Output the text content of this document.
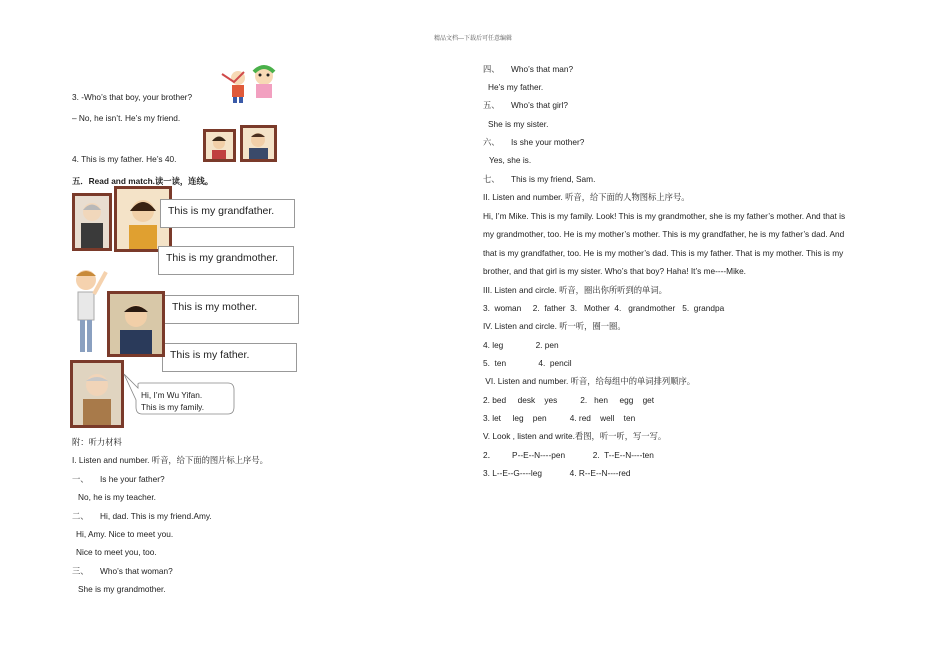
精品文档---下载后可任意编辑
3. -Who’s that boy, your brother?
– No, he isn’t. He’s my friend.
4. This is my father. He’s 40.
五．Read and match.读一读，连线。
This is my grandfather.
This is my grandmother.
This is my mother.
This is my father.
Hi, I’m Wu Yifan.
This is my family.
附：听力材料
I. Listen and number. 听音，给下面的图片标上序号。
一、 Is he your father?
No, he is my teacher.
二、 Hi, dad. This is my friend.Amy.
Hi, Amy. Nice to meet you.
Nice to meet you, too.
三、 Who’s that woman?
She is my grandmother.
四、 Who’s that man?
He’s my father.
五、 Who’s that girl?
She is my sister.
六、 Is she your mother?
Yes, she is.
七、 This is my friend, Sam.
II. Listen and number. 听音，给下面的人物图标上序号。
Hi, I’m Mike. This is my family. Look! This is my grandmother, she is my father’s mother. And that is
my grandmother, too. He is my mother’s mother. This is my grandfather, he is my father’s dad. And
that is my grandfather, too. He is my mother’s dad. This is my father. That is my mother. This is my
brother, and that girl is my sister. Who’s that boy? Haha! It’s me----Mike.
III. Listen and circle. 听音，圈出你所听到的单词。
3.  woman     2.  father  3.   Mother  4.   grandmother   5.  grandpa
IV. Listen and circle. 听一听，圈一圈。
4. leg              2. pen
5.  ten              4.  pencil
VI. Listen and number. 听音，给每组中的单词排列顺序。
2. bed     desk    yes          2.   hen     egg    get
3. let     leg    pen          4. red    well    ten
V. Look , listen and write.看图，听一听，写一写。
2．       P--E--N----pen            2.  T--E--N----ten
3. L--E--G----leg            4. R--E--N----red
